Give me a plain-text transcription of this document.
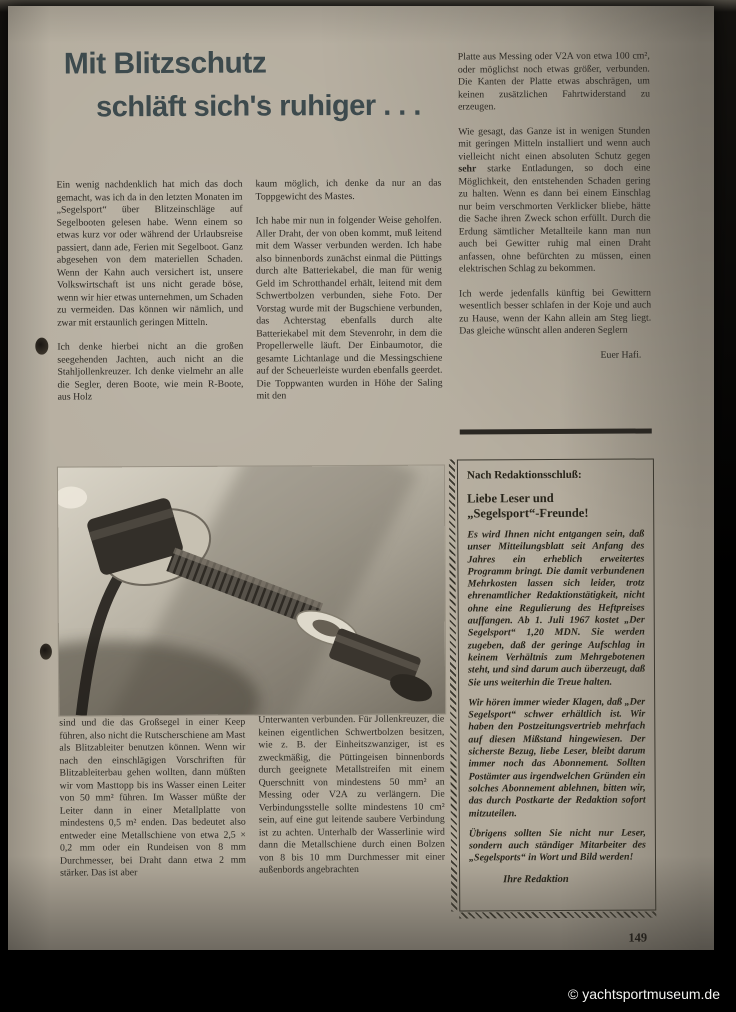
Mit Blitzschutz
schläft sich's ruhiger . . .

Ein wenig nachdenklich hat mich das doch gemacht, was ich da in den letzten Monaten im „Segelsport“ über Blitzeinschläge auf Segelbooten gelesen habe. Wenn einem so etwas kurz vor oder während der Urlaubsreise passiert, dann ade, Ferien mit Segelboot. Ganz abgesehen von dem materiellen Schaden. Wenn der Kahn auch versichert ist, unsere Volkswirtschaft ist uns nicht gerade böse, wenn wir hier etwas unternehmen, um Schaden zu vermeiden. Das können wir nämlich, und zwar mit erstaunlich geringen Mitteln.

Ich denke hierbei nicht an die großen seegehenden Jachten, auch nicht an die Stahljollenkreuzer. Ich denke vielmehr an alle die Segler, deren Boote, wie mein R-Boote, aus Holz

kaum möglich, ich denke da nur an das Toppgewicht des Mastes.

Ich habe mir nun in folgender Weise geholfen. Aller Draht, der von oben kommt, muß leitend mit dem Wasser verbunden werden. Ich habe also binnenbords zunächst einmal die Püttings durch alte Batteriekabel, die man für wenig Geld im Schrotthandel erhält, leitend mit dem Schwertbolzen verbunden, siehe Foto. Der Vorstag wurde mit der Bugschiene verbunden, das Achterstag ebenfalls durch alte Batteriekabel mit dem Stevenrohr, in dem die Propellerwelle läuft. Der Einbaumotor, die gesamte Lichtanlage und die Messingschiene auf der Scheuerleiste wurden ebenfalls geerdet. Die Toppwanten wurden in Höhe der Saling mit den

Platte aus Messing oder V2A von etwa 100 cm², oder möglichst noch etwas größer, verbunden. Die Kanten der Platte etwas abschrägen, um keinen zusätzlichen Fahrtwiderstand zu erzeugen.

Wie gesagt, das Ganze ist in wenigen Stunden mit geringen Mitteln installiert und wenn auch vielleicht nicht einen absoluten Schutz gegen sehr starke Entladungen, so doch eine Möglichkeit, den entstehenden Schaden gering zu halten. Wenn es dann bei einem Einschlag nur beim verschmorten Verklicker bliebe, hätte die Sache ihren Zweck schon erfüllt. Durch die Erdung sämtlicher Metallteile kann man nun auch bei Gewitter ruhig mal einen Draht anfassen, ohne befürchten zu müssen, einen elektrischen Schlag zu bekommen.

Ich werde jedenfalls künftig bei Gewittern wesentlich besser schlafen in der Koje und auch zu Hause, wenn der Kahn allein am Steg liegt. Das gleiche wünscht allen anderen Seglern

Euer Hafi.

sind und die das Großsegel in einer Keep führen, also nicht die Rutscherschiene am Mast als Blitzableiter benutzen können. Wenn wir nach den einschlägigen Vorschriften für Blitzableiterbau gehen wollten, dann müßten wir vom Masttopp bis ins Wasser einen Leiter von 50 mm² führen. Im Wasser müßte der Leiter dann in einer Metallplatte von mindestens 0,5 m² enden. Das bedeutet also entweder eine Metallschiene von etwa 2,5 × 0,2 mm oder ein Rundeisen von 8 mm Durchmesser, bei Draht dann etwa 2 mm stärker. Das ist aber

Unterwanten verbunden. Für Jollenkreuzer, die keinen eigentlichen Schwertbolzen besitzen, wie z. B. der Einheitszwanziger, ist es zweckmäßig, die Püttingeisen binnenbords durch geeignete Metallstreifen mit einem Querschnitt von mindestens 50 mm² an Messing oder V2A zu verlängern. Die Verbindungsstelle sollte mindestens 10 cm² sein, auf eine gut leitende saubere Verbindung ist zu achten. Unterhalb der Wasserlinie wird dann die Metallschiene durch einen Bolzen von 8 bis 10 mm Durchmesser mit einer außenbords angebrachten

Nach Redaktionsschluß:
Liebe Leser und
„Segelsport“-Freunde!

Es wird Ihnen nicht entgangen sein, daß unser Mitteilungsblatt seit Anfang des Jahres ein erheblich erweitertes Programm bringt. Die damit verbundenen Mehrkosten lassen sich leider, trotz ehrenamtlicher Redaktionstätigkeit, nicht ohne eine Regulierung des Heftpreises auffangen. Ab 1. Juli 1967 kostet „Der Segelsport“ 1,20 MDN. Sie werden zugeben, daß der geringe Aufschlag in keinem Verhältnis zum Mehrgebotenen steht, und sind darum auch überzeugt, daß Sie uns weiterhin die Treue halten.

Wir hören immer wieder Klagen, daß „Der Segelsport“ schwer erhältlich ist. Wir haben den Postzeitungsvertrieb mehrfach auf diesen Mißstand hingewiesen. Der sicherste Bezug, liebe Leser, bleibt darum immer noch das Abonnement. Sollten Postämter aus irgendwelchen Gründen ein solches Abonnement ablehnen, bitten wir, das durch Postkarte der Redaktion sofort mitzuteilen.

Übrigens sollten Sie nicht nur Leser, sondern auch ständiger Mitarbeiter des „Segelsports“ in Wort und Bild werden!

Ihre Redaktion
149
© yachtsportmuseum.de
